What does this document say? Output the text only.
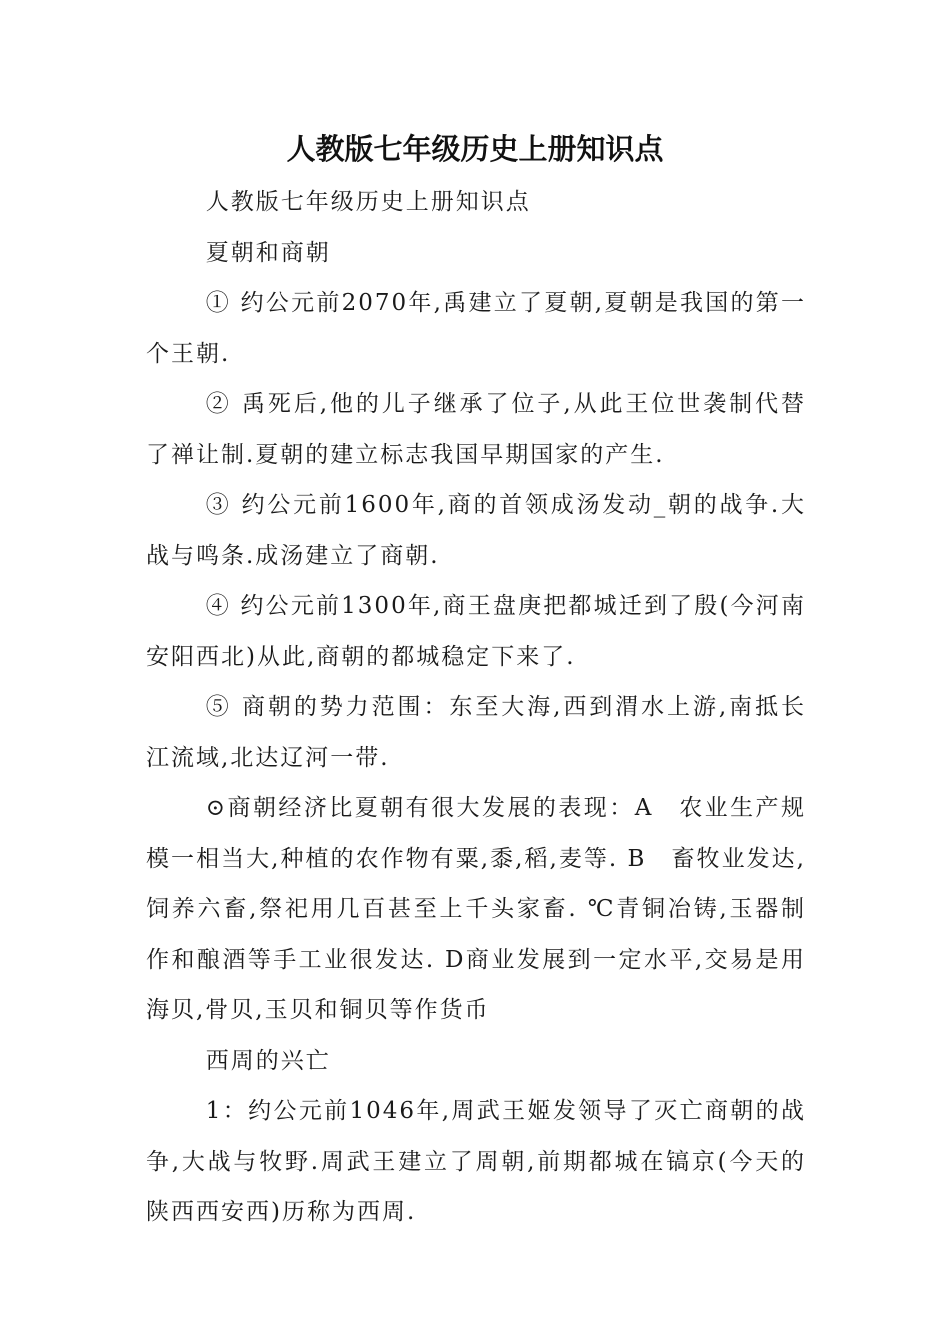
人教版七年级历史上册知识点

人教版七年级历史上册知识点

夏朝和商朝

① 约公元前2070年,禹建立了夏朝,夏朝是我国的第一个王朝.

② 禹死后,他的儿子继承了位子,从此王位世袭制代替了禅让制.夏朝的建立标志我国早期国家的产生.

③ 约公元前1600年,商的首领成汤发动_朝的战争.大战与鸣条.成汤建立了商朝.

④ 约公元前1300年,商王盘庚把都城迁到了殷(今河南安阳西北)从此,商朝的都城稳定下来了.

⑤ 商朝的势力范围：东至大海,西到渭水上游,南抵长江流域,北达辽河一带.

⊙商朝经济比夏朝有很大发展的表现：A　农业生产规模一相当大,种植的农作物有粟,黍,稻,麦等. B　畜牧业发达,饲养六畜,祭祀用几百甚至上千头家畜. ℃青铜冶铸,玉器制作和酿酒等手工业很发达. D商业发展到一定水平,交易是用海贝,骨贝,玉贝和铜贝等作货币

西周的兴亡

1：约公元前1046年,周武王姬发领导了灭亡商朝的战争,大战与牧野.周武王建立了周朝,前期都城在镐京(今天的陕西西安西)历称为西周.
